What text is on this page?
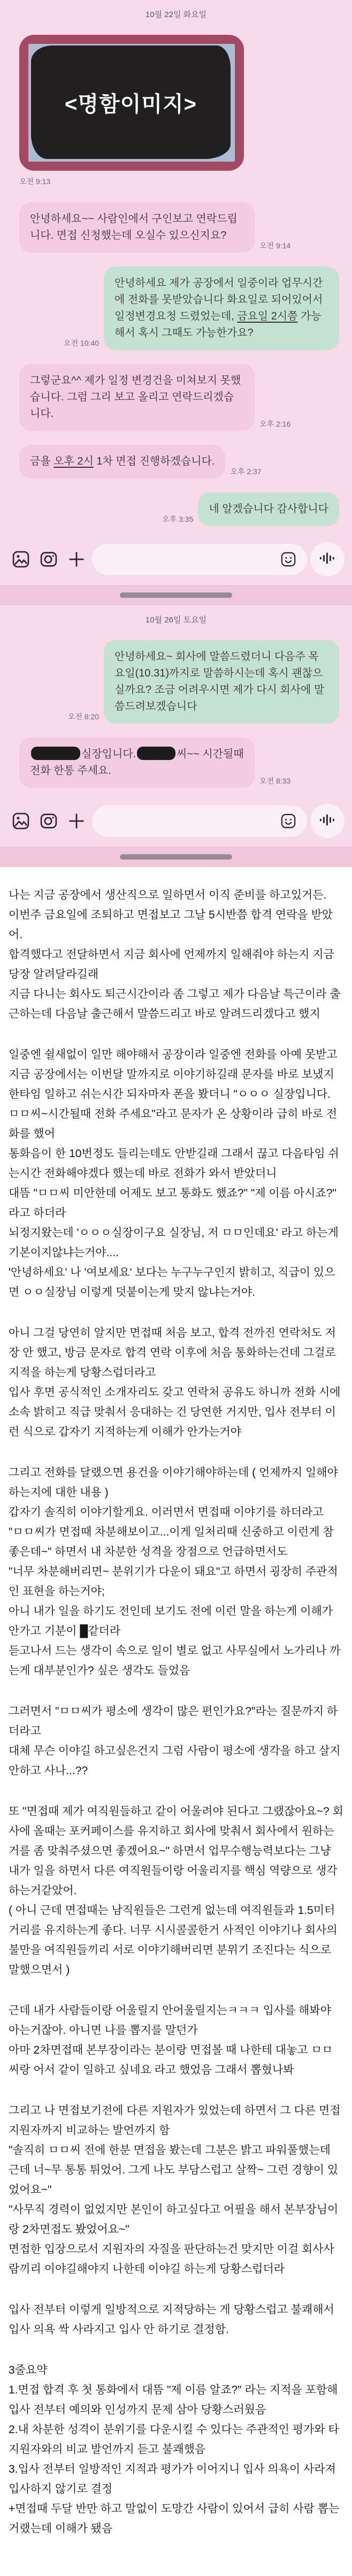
10월 22일 화요일
<명함이미지>
오전 9:13
안녕하세요~~ 사람인에서 구인보고 연락드립니다. 면접 신청했는데 오실수 있으신지요?
오전 9:14
오전 10:40
안녕하세요 제가 공장에서 일중이라 업무시간에 전화를 못받았습니다 화요일로 되어있어서 일정변경요청 드렸었는데, 금요일 2시쯤 가능해서 혹시 그때도 가능한가요?
그렇군요^^ 제가 일정 변경건을 미쳐보지 못했습니다. 그럼 그리 보고 올리고 연락드리겠습니다.
오후 2:16
금욜 오후 2시 1차 면접 진행하겠습니다.
오후 2:37
오후 3:35
네 알겠습니다 감사합니다
10월 26일 토요일
오전 8:20
안녕하세요~ 회사에 말씀드렸더니 다음주 목요일(10.31)까지로 말씀하시는데 혹시 괜찮으실까요? 조금 어려우시면 제가 다시 회사에 말씀드려보겠습니다
실장입니다.	씨~~ 시간될때 전화 한통 주세요.
오전 8:33
나는 지금 공장에서 생산직으로 일하면서 이직 준비를 하고있거든.
이번주 금요일에 조퇴하고 면접보고 그날 5시반쯤 합격 연락을 받았어.
합격했다고 전달하면서 지금 회사에 언제까지 일해줘야 하는지 지금 당장 알려달라길래
지금 다니는 회사도 퇴근시간이라 좀 그렇고 제가 다음날 특근이라 출근하는데 다음날 출근해서 말씀드리고 바로 알려드리겠다고 했지
일중엔 쉴새없이 일만 해야해서 공장이라 일중엔 전화를 아예 못받고 지금 공장에서는 이번달 말까지로 이야기하길래 문자를 바로 보냈지
한타임 일하고 쉬는시간 되자마자 폰을 봤더니 "ㅇㅇㅇ 실장입니다. ㅁㅁ씨~시간될때 전화 주세요"라고 문자가 온 상황이라 급히 바로 전화를 했어
통화음이 한 10번정도 들리는데도 안받길래 그래서 끊고 다음타임 쉬는시간 전화해야겠다 했는데 바로 전화가 와서 받았더니
대뜸 "ㅁㅁ씨 미안한데 어제도 보고 통화도 했죠?" "제 이름 아시죠?" 라고 하더라
뇌정지왔는데 'ㅇㅇㅇ실장이구요 실장님, 저 ㅁㅁ인데요' 라고 하는게 기본이지않냐는거야....
'안녕하세요' 나 '여보세요' 보다는 누구누구인지 밝히고, 직급이 있으면 ㅇㅇ실장님 이렇게 덧붙이는게 맞지 않냐는거야.
아니 그걸 당연히 알지만 면접때 처음 보고, 합격 전까진 연락처도 저장 안 했고, 방금 문자로 합격 연락 이후에 처음 통화하는건데 그걸로 지적을 하는게 당황스럽더라고
입사 후면 공식적인 소개자리도 갖고 연락처 공유도 하니까 전화 시에 소속 밝히고 직급 맞춰서 응대하는 건 당연한 거지만, 입사 전부터 이런 식으로 갑자기 지적하는게 이해가 안가는거야
그리고 전화를 달랬으면 용건을 이야기해야하는데 ( 언제까지 일해야 하는지에 대한 내용 )
갑자기 솔직히 이야기할게요. 이러면서 면접때 이야기를 하더라고
"ㅁㅁ씨가 면접때 차분해보이고...이게 일처리때 신중하고 이런게 참 좋은데~" 하면서 내 차분한 성격을 장점으로 언급하면서도
"너무 차분해버리면~ 분위기가 다운이 돼요"고 하면서 굉장히 주관적인 표현을 하는거야;
아니 내가 일을 하기도 전인데 보기도 전에 이런 말을 하는게 이해가 안가고 기분이 █같더라
듣고나서 드는 생각이 속으로 일이 별로 없고 사무실에서 노가리나 까는게 대부분인가? 싶은 생각도 들었음
그러면서 "ㅁㅁ씨가 평소에 생각이 많은 편인가요?"라는 질문까지 하더라고
대체 무슨 이야길 하고싶은건지 그럼 사람이 평소에 생각을 하고 살지 안하고 사나...??
또 "면접때 제가 여직원들하고 같이 어울려야 된다고 그랬잖아요~? 회사에 올때는 포커페이스를 유지하고 회사에 맞춰서 회사에서 원하는거를 좀 맞춰주셨으면 좋겠어요~" 하면서 업무수행능력보다는 그냥 내가 일을 하면서 다른 여직원들이랑 어울리지를 핵심 역량으로 생각하는거같았어.
( 아니 근데 면접때는 남직원들은 그런게 없는데 여직원들과 1.5미터 거리를 유지하는게 좋다. 너무 시시콜콜한거 사적인 이야기나 회사의 불만을 여직원들끼리 서로 이야기해버리면 분위기 조진다는 식으로 말했으면서 )
근데 내가 사람들이랑 어울릴지 안어울릴지는ㅋㅋㅋ 입사를 해봐야 아는거잖아. 아니면 나를 뽑지를 말던가
아마 2차면접때 본부장이라는 분이랑 면접볼 때 나한테 대놓고 ㅁㅁ씨랑 어서 같이 일하고 싶네요 라고 했었음 그래서 뽑혔나봐
그리고 나 면접보기전에 다른 지원자가 있었는데 하면서 그 다른 면접 지원자까지 비교하는 발언까지 함
"솔직히 ㅁㅁ씨 전에 한분 면접을 봤는데 그분은 밝고 파워풀했는데 근데 너~무 통통 튀었어. 그게 나도 부담스럽고 살짝~ 그런 경향이 있었어요~"
"사무직 경력이 없었지만 본인이 하고싶다고 어필을 해서 본부장님이랑 2차면접도 봤었어요~"
면접한 입장으로서 지원자의 자질을 판단하는건 맞지만 이걸 회사사람끼리 이야길해야지 나한테 이야길 하는게 당황스럽더라
입사 전부터 이렇게 일방적으로 지적당하는 게 당황스럽고 불쾌해서 입사 의욕 싹 사라지고 입사 안 하기로 결정함.
3줄요약
1.면접 합격 후 첫 통화에서 대뜸 "제 이름 알죠?" 라는 지적을 포함해 입사 전부터 예의와 인성까지 문제 삼아 당황스러웠음
2.내 차분한 성격이 분위기를 다운시킬 수 있다는 주관적인 평가와 타 지원자와의 비교 발언까지 듣고 불쾌했음
3.입사 전부터 일방적인 지적과 평가가 이어지니 입사 의욕이 사라져 입사하지 않기로 결정
+면접때 두달 반만 하고 말없이 도망간 사람이 있어서 급히 사람 뽑는 거랬는데 이해가 됐음
